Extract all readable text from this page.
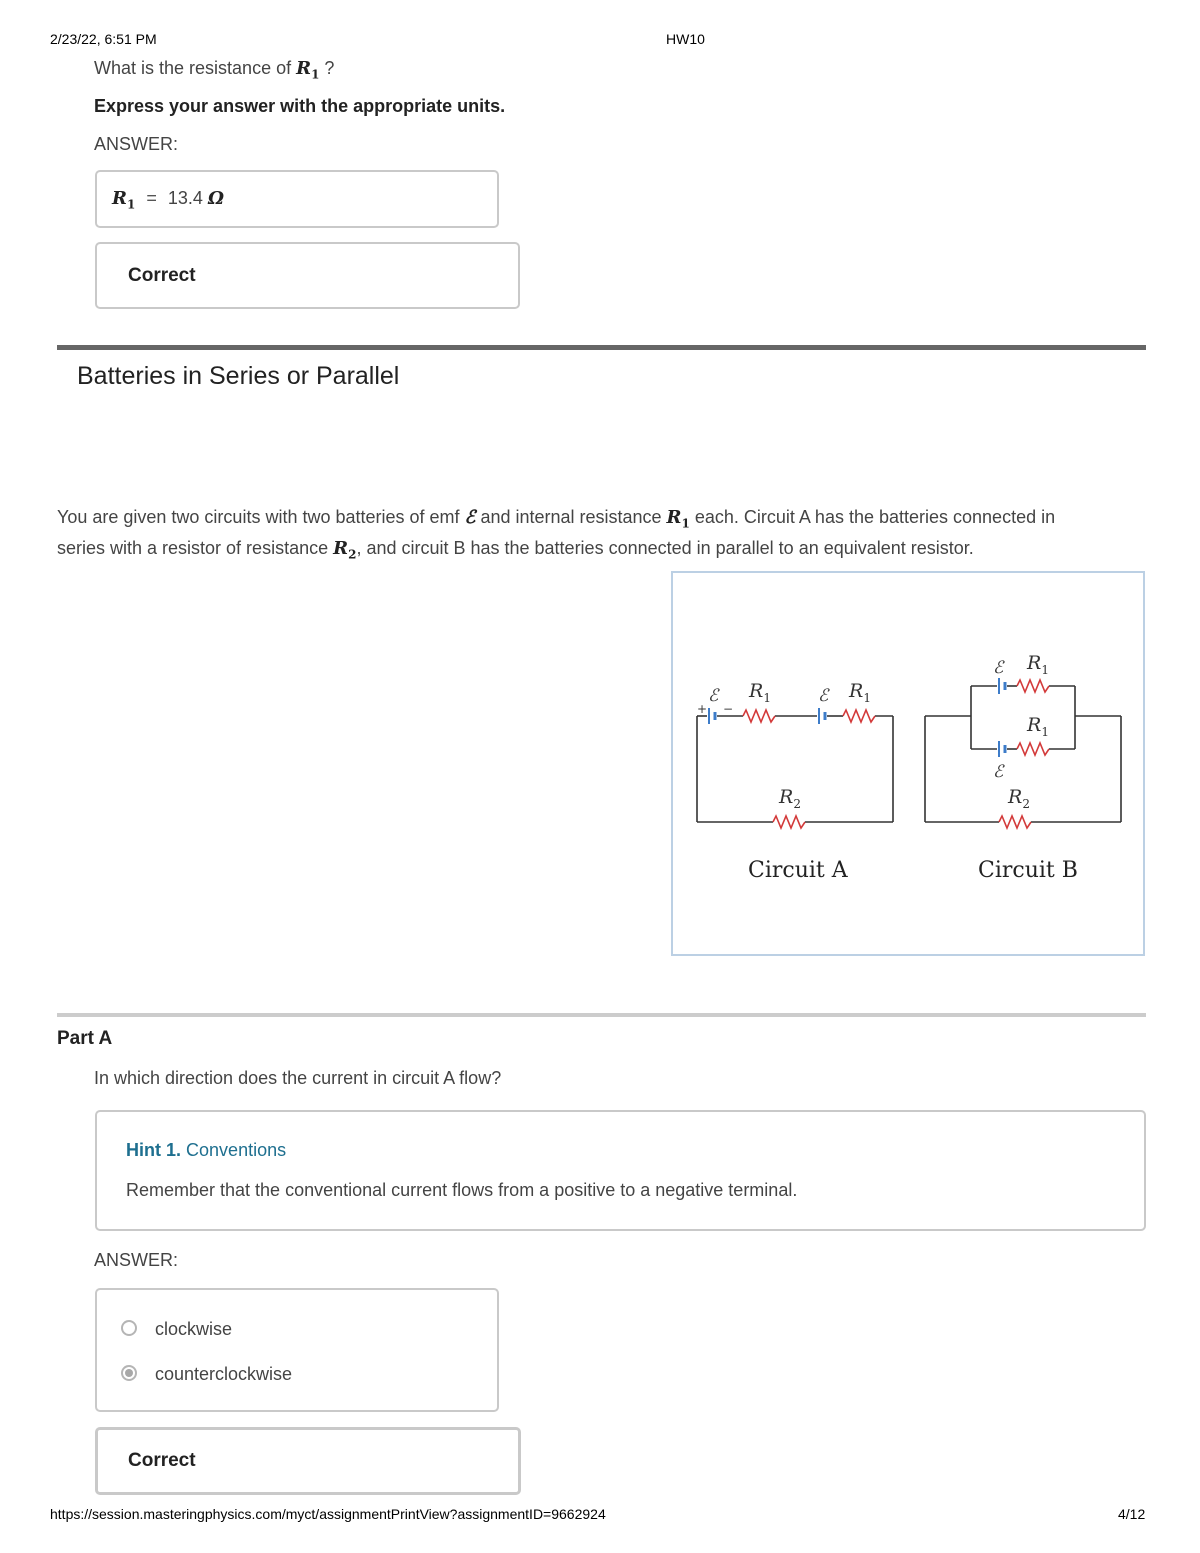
2/23/22, 6:51 PM	HW10
What is the resistance of $R_1$ ?
Express your answer with the appropriate units.
ANSWER:
$R_1 = 13.4$ Ω
Correct
Batteries in Series or Parallel
You are given two circuits with two batteries of emf ℰ and internal resistance $R_1$ each. Circuit A has the batteries connected in
series with a resistor of resistance $R_2$, and circuit B has the batteries connected in parallel to an equivalent resistor.
+ −
ℰ	ℰ
$R_1$	$R_1$
$R_2$
Circuit A
ℰ
ℰ
$R_1$
$R_1$
$R_2$
Circuit B
Part A
In which direction does the current in circuit A flow?
Hint 1. Conventions
Remember that the conventional current flows from a positive to a negative terminal.
ANSWER:
clockwise
counterclockwise
Correct
https://session.masteringphysics.com/myct/assignmentPrintView?assignmentID=9662924	4/12
